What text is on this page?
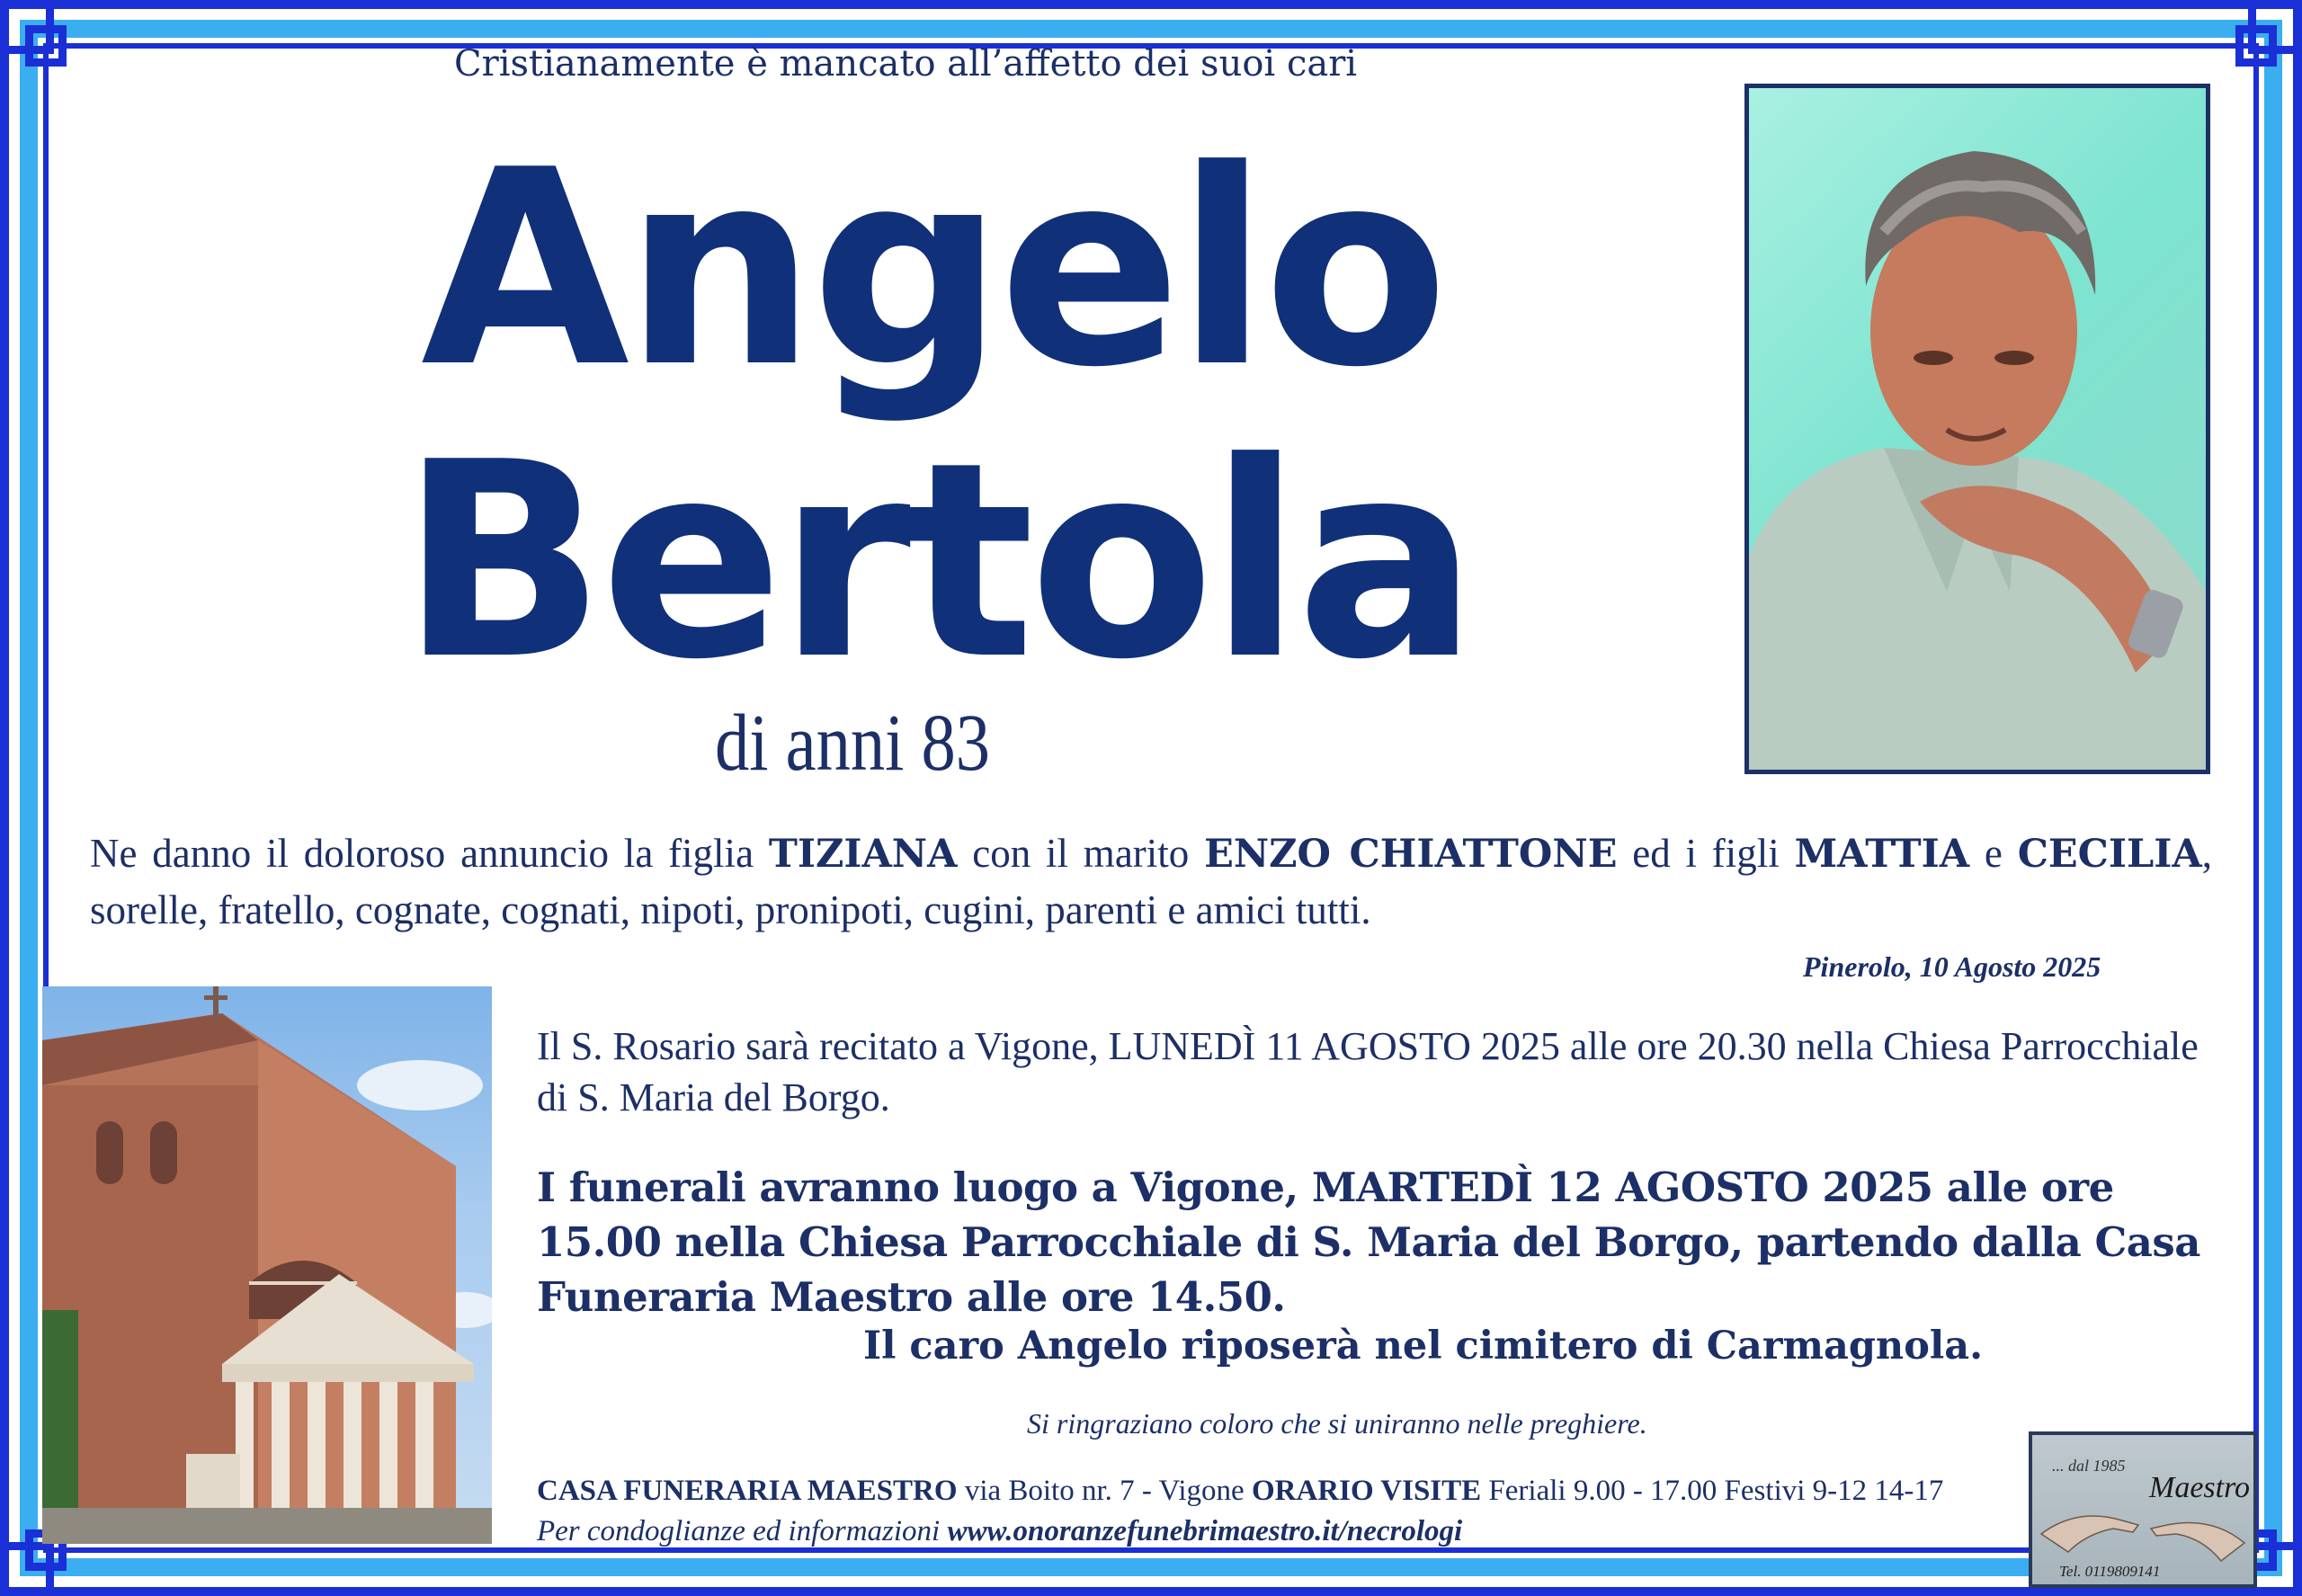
Cristianamente è mancato all’affetto dei suoi cari
Angelo
Bertola
di anni 83
Ne danno il doloroso annuncio la figlia TIZIANA con il marito ENZO CHIATTONE ed i figli MATTIA e CECILIA, sorelle, fratello, cognate, cognati, nipoti, pronipoti, cugini, parenti e amici tutti.
Pinerolo, 10 Agosto 2025
Il S. Rosario sarà recitato a Vigone, LUNEDÌ 11 AGOSTO 2025 alle ore 20.30 nella Chiesa Parrocchiale di S. Maria del Borgo.
I funerali avranno luogo a Vigone, MARTEDÌ 12 AGOSTO 2025 alle ore 15.00 nella Chiesa Parrocchiale di S. Maria del Borgo, partendo dalla Casa Funeraria Maestro alle ore 14.50.
Il caro Angelo riposerà nel cimitero di Carmagnola.
Si ringraziano coloro che si uniranno nelle preghiere.
CASA FUNERARIA MAESTRO via Boito nr. 7 - Vigone ORARIO VISITE Feriali 9.00 - 17.00 Festivi 9-12 14-17
Per condoglianze ed informazioni www.onoranzefunebrimaestro.it/necrologi
... dal 1985
Maestro
Tel. 0119809141
